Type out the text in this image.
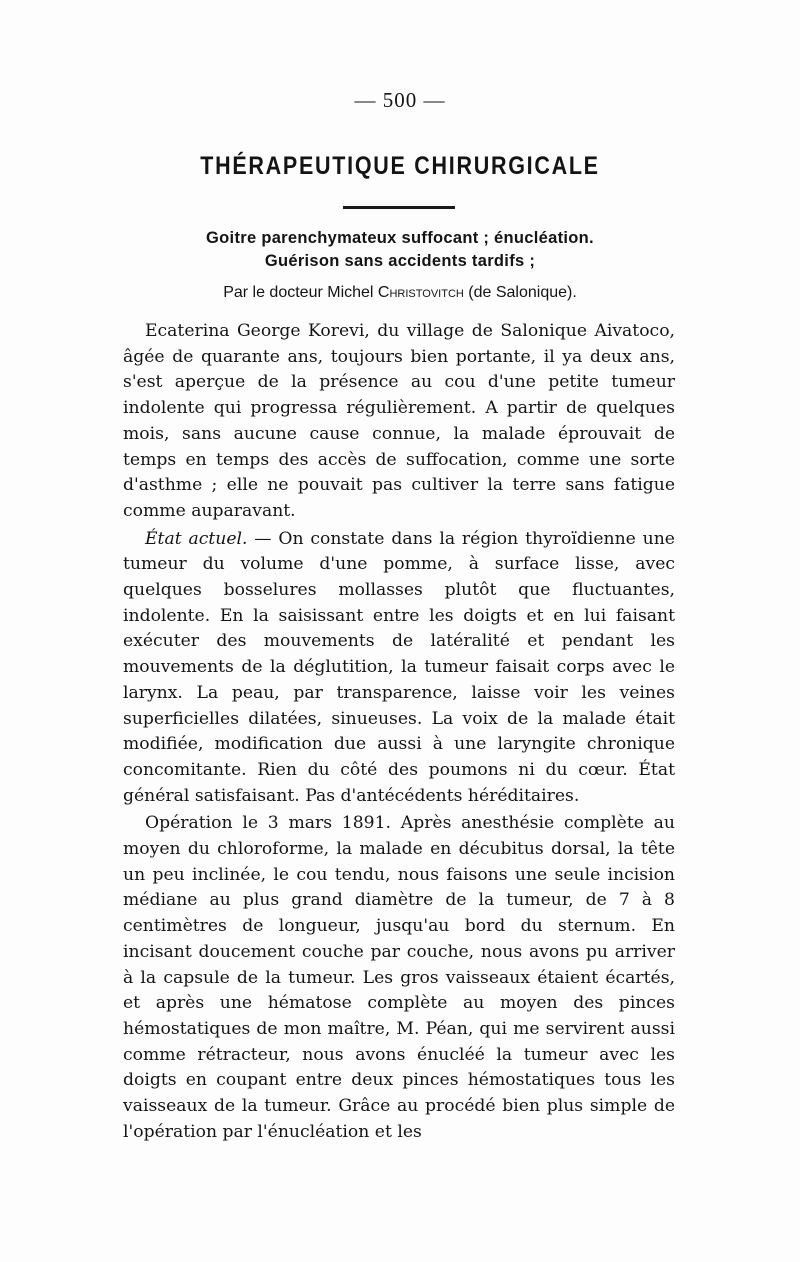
— 500 —
THÉRAPEUTIQUE CHIRURGICALE
Goitre parenchymateux suffocant ; énucléation.
Guérison sans accidents tardifs ;
Par le docteur Michel Christovitch (de Salonique).

Ecaterina George Korevi, du village de Salonique Aivatoco, âgée de quarante ans, toujours bien portante, il ya deux ans, s'est aperçue de la présence au cou d'une petite tumeur indolente qui progressa régulièrement. A partir de quelques mois, sans aucune cause connue, la malade éprouvait de temps en temps des accès de suffocation, comme une sorte d'asthme ; elle ne pouvait pas cultiver la terre sans fatigue comme auparavant.

État actuel. — On constate dans la région thyroïdienne une tumeur du volume d'une pomme, à surface lisse, avec quelques bosselures mollasses plutôt que fluctuantes, indolente. En la saisissant entre les doigts et en lui faisant exécuter des mouvements de latéralité et pendant les mouvements de la déglutition, la tumeur faisait corps avec le larynx. La peau, par transparence, laisse voir les veines superficielles dilatées, sinueuses. La voix de la malade était modifiée, modification due aussi à une laryngite chronique concomitante. Rien du côté des poumons ni du cœur. État général satisfaisant. Pas d'antécédents héréditaires.

Opération le 3 mars 1891. Après anesthésie complète au moyen du chloroforme, la malade en décubitus dorsal, la tête un peu inclinée, le cou tendu, nous faisons une seule incision médiane au plus grand diamètre de la tumeur, de 7 à 8 centimètres de longueur, jusqu'au bord du sternum. En incisant doucement couche par couche, nous avons pu arriver à la capsule de la tumeur. Les gros vaisseaux étaient écartés, et après une hématose complète au moyen des pinces hémostatiques de mon maître, M. Péan, qui me servirent aussi comme rétracteur, nous avons énucléé la tumeur avec les doigts en coupant entre deux pinces hémostatiques tous les vaisseaux de la tumeur. Grâce au procédé bien plus simple de l'opération par l'énucléation et les
